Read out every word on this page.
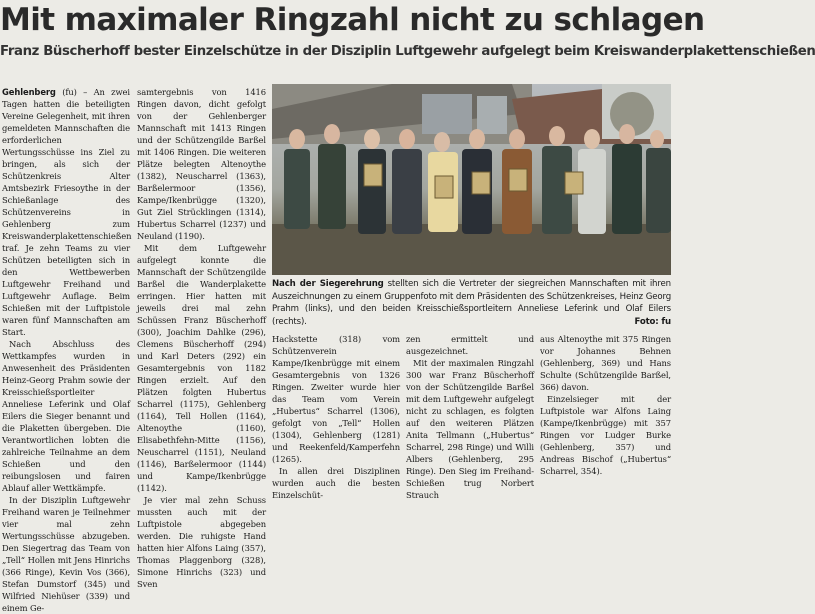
Mit maximaler Ringzahl nicht zu schlagen
Franz Büscherhoff bester Einzelschütze in der Disziplin Luftgewehr aufgelegt beim Kreiswanderplakettenschießen

Gehlenberg (fu) – An zwei Tagen hatten die beteiligten Vereine Gelegenheit, mit ihren gemeldeten Mannschaften die erforderlichen Wertungsschüsse ins Ziel zu bringen, als sich der Schützenkreis Alter Amtsbezirk Friesoythe in der Schießanlage des Schützenvereins in Gehlenberg zum Kreiswanderplakettenschießen traf. Je zehn Teams zu vier Schützen beteiligten sich in den Wettbewerben Luftgewehr Freihand und Luftgewehr Auflage. Beim Schießen mit der Luftpistole waren fünf Mannschaften am Start.

Nach Abschluss des Wettkampfes wurden in Anwesenheit des Präsidenten Heinz-Georg Prahm sowie der Kreisschießsportleiter Anneliese Leferink und Olaf Eilers die Sieger benannt und die Plaketten übergeben. Die Verantwortlichen lobten die zahlreiche Teilnahme an dem Schießen und den reibungslosen und fairen Ablauf aller Wettkämpfe.

In der Disziplin Luftgewehr Freihand waren je Teilnehmer vier mal zehn Wertungsschüsse abzugeben. Den Siegertrag das Team von „Tell“ Hollen mit Jens Hinrichs (366 Ringe), Kevin Vos (366), Stefan Dumstorf (345) und Wilfried Niehüser (339) und einem Ge-

samtergebnis von 1416 Ringen davon, dicht gefolgt von der Gehlenberger Mannschaft mit 1413 Ringen und der Schützengilde Barßel mit 1406 Ringen. Die weiteren Plätze belegten Altenoythe (1382), Neuscharrel (1363), Barßelermoor (1356), Kampe/Ikenbrügge (1320), Gut Ziel Strücklingen (1314), Hubertus Scharrel (1237) und Neuland (1190).

Mit dem Luftgewehr aufgelegt konnte die Mannschaft der Schützengilde Barßel die Wanderplakette erringen. Hier hatten mit jeweils drei mal zehn Schüssen Franz Büscherhoff (300), Joachim Dahlke (296), Clemens Büscherhoff (294) und Karl Deters (292) ein Gesamtergebnis von 1182 Ringen erzielt. Auf den Plätzen folgten Hubertus Scharrel (1175), Gehlenberg (1164), Tell Hollen (1164), Altenoythe (1160), Elisabethfehn-Mitte (1156), Neuscharrel (1151), Neuland (1146), Barßelermoor (1144) und Kampe/Ikenbrügge (1142).

Je vier mal zehn Schuss mussten auch mit der Luftpistole abgegeben werden. Die ruhigste Hand hatten hier Alfons Laing (357), Thomas Plaggenborg (328), Simone Hinrichs (323) und Sven

Nach der Siegerehrung stellten sich die Vertreter der siegreichen Mannschaften mit ihren Auszeichnungen zu einem Gruppenfoto mit dem Präsidenten des Schützenkreises, Heinz Georg Prahm (links), und den beiden Kreisschießsportleitern Anneliese Leferink und Olaf Eilers (rechts).	Foto: fu

Hackstette (318) vom Schützenverein Kampe/Ikenbrügge mit einem Gesamtergebnis von 1326 Ringen. Zweiter wurde hier das Team vom Verein „Hubertus“ Scharrel (1306), gefolgt von „Tell“ Hollen (1304), Gehlenberg (1281) und Reekenfeld/Kamperfehn (1265).

In allen drei Disziplinen wurden auch die besten Einzelschüt-

zen ermittelt und ausgezeichnet.

Mit der maximalen Ringzahl 300 war Franz Büscherhoff von der Schützengilde Barßel mit dem Luftgewehr aufgelegt nicht zu schlagen, es folgten auf den weiteren Plätzen Anita Tellmann („Hubertus“ Scharrel, 298 Ringe) und Willi Albers (Gehlenberg, 295 Ringe). Den Sieg im Freihand-Schießen trug Norbert Strauch

aus Altenoythe mit 375 Ringen vor Johannes Behnen (Gehlenberg, 369) und Hans Schulte (Schützengilde Barßel, 366) davon.

Einzelsieger mit der Luftpistole war Alfons Laing (Kampe/Ikenbrügge) mit 357 Ringen vor Ludger Burke (Gehlenberg, 357) und Andreas Bischof („Hubertus“ Scharrel, 354).
